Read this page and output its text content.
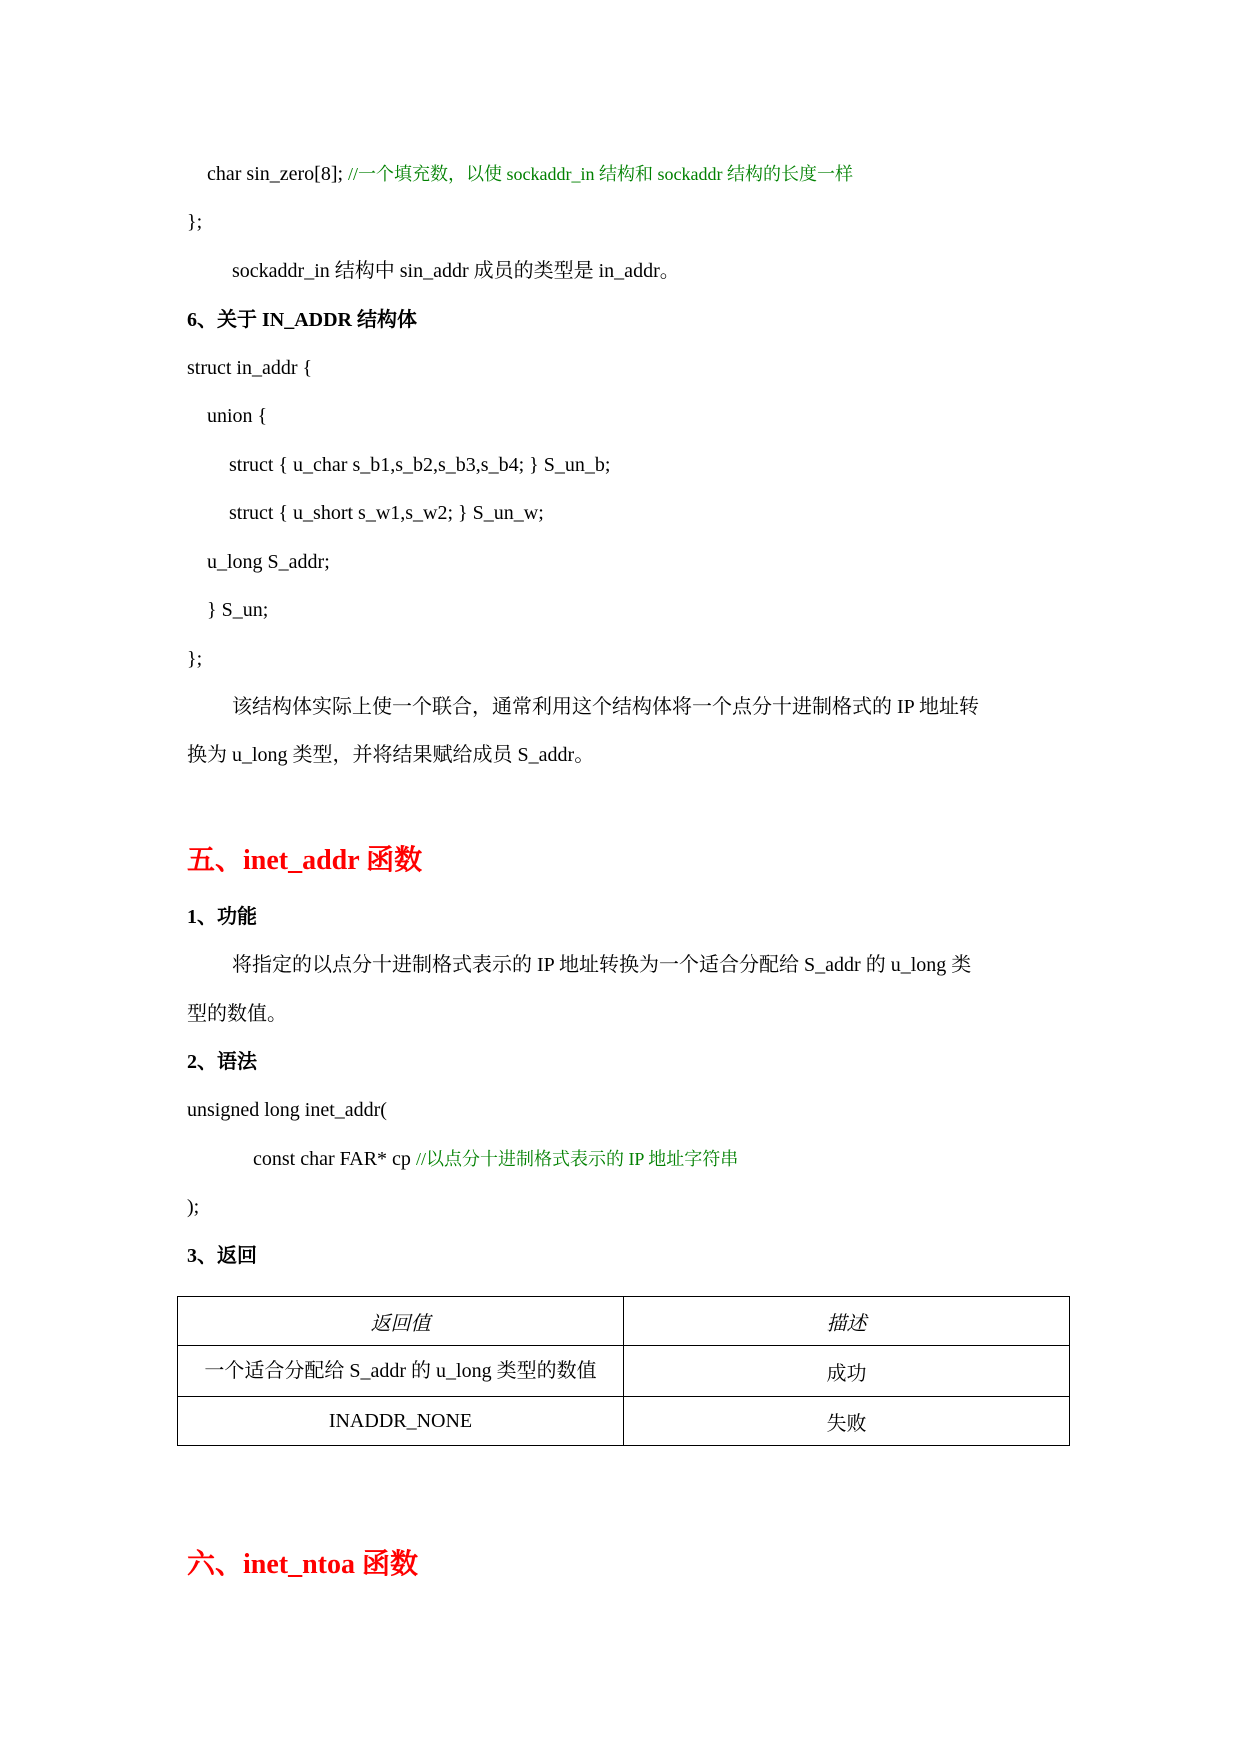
char sin_zero[8]; //一个填充数，以使 sockaddr_in 结构和 sockaddr 结构的长度一样
};
sockaddr_in 结构中 sin_addr 成员的类型是 in_addr。
6、关于 IN_ADDR 结构体
struct in_addr {
union {
struct { u_char s_b1,s_b2,s_b3,s_b4; } S_un_b;
struct { u_short s_w1,s_w2; } S_un_w;
u_long S_addr;
} S_un;
};
该结构体实际上使一个联合，通常利用这个结构体将一个点分十进制格式的 IP 地址转
换为 u_long 类型，并将结果赋给成员 S_addr。
五、inet_addr 函数
1、功能
将指定的以点分十进制格式表示的 IP 地址转换为一个适合分配给 S_addr 的 u_long 类
型的数值。
2、语法
unsigned long inet_addr(
const char FAR* cp //以点分十进制格式表示的 IP 地址字符串
);
3、返回
返回值	描述
一个适合分配给 S_addr 的 u_long 类型的数值	成功
INADDR_NONE	失败
六、inet_ntoa 函数
